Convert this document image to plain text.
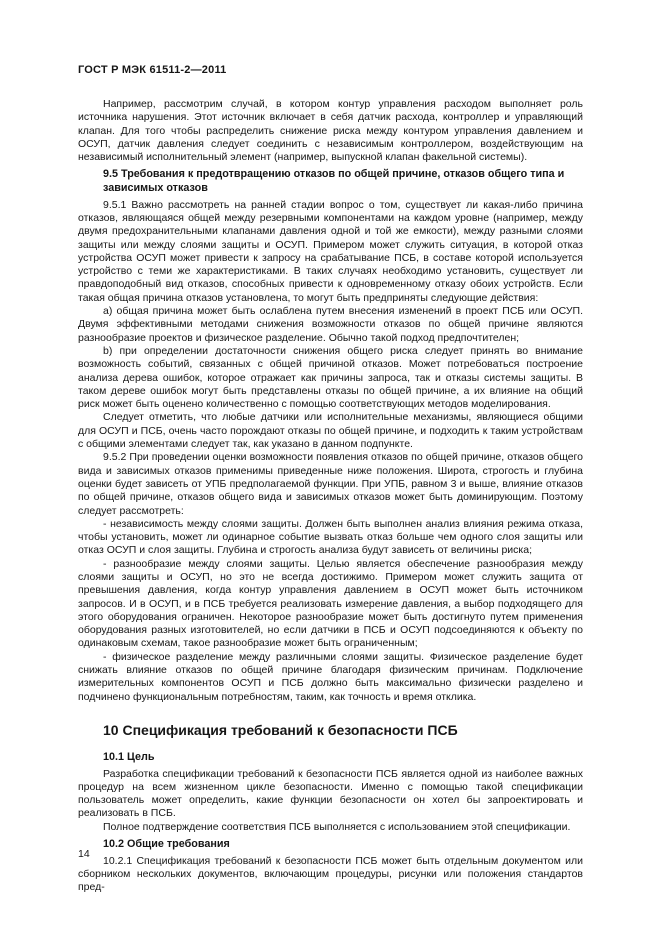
ГОСТ Р МЭК 61511-2—2011
Например, рассмотрим случай, в котором контур управления расходом выполняет роль источника нарушения. Этот источник включает в себя датчик расхода, контроллер и управляющий клапан. Для того чтобы распределить снижение риска между контуром управления давлением и ОСУП, датчик давления следует соединить с независимым контроллером, воздействующим на независимый исполнительный элемент (например, выпускной клапан факельной системы).
9.5 Требования к предотвращению отказов по общей причине, отказов общего типа и зависимых отказов
9.5.1 Важно рассмотреть на ранней стадии вопрос о том, существует ли какая-либо причина отказов, являющаяся общей между резервными компонентами на каждом уровне (например, между двумя предохранительными клапанами давления одной и той же емкости), между разными слоями защиты или между слоями защиты и ОСУП. Примером может служить ситуация, в которой отказ устройства ОСУП может привести к запросу на срабатывание ПСБ, в составе которой используется устройство с теми же характеристиками. В таких случаях необходимо установить, существует ли правдоподобный вид отказов, способных привести к одновременному отказу обоих устройств. Если такая общая причина отказов установлена, то могут быть предприняты следующие действия:
a) общая причина может быть ослаблена путем внесения изменений в проект ПСБ или ОСУП. Двумя эффективными методами снижения возможности отказов по общей причине являются разнообразие проектов и физическое разделение. Обычно такой подход предпочтителен;
b) при определении достаточности снижения общего риска следует принять во внимание возможность событий, связанных с общей причиной отказов. Может потребоваться построение анализа дерева ошибок, которое отражает как причины запроса, так и отказы системы защиты. В таком дереве ошибок могут быть представлены отказы по общей причине, а их влияние на общий риск может быть оценено количественно с помощью соответствующих методов моделирования.
Следует отметить, что любые датчики или исполнительные механизмы, являющиеся общими для ОСУП и ПСБ, очень часто порождают отказы по общей причине, и подходить к таким устройствам с общими элементами следует так, как указано в данном подпункте.
9.5.2 При проведении оценки возможности появления отказов по общей причине, отказов общего вида и зависимых отказов применимы приведенные ниже положения. Широта, строгость и глубина оценки будет зависеть от УПБ предполагаемой функции. При УПБ, равном 3 и выше, влияние отказов по общей причине, отказов общего вида и зависимых отказов может быть доминирующим. Поэтому следует рассмотреть:
- независимость между слоями защиты. Должен быть выполнен анализ влияния режима отказа, чтобы установить, может ли одинарное событие вызвать отказ больше чем одного слоя защиты или отказ ОСУП и слоя защиты. Глубина и строгость анализа будут зависеть от величины риска;
- разнообразие между слоями защиты. Целью является обеспечение разнообразия между слоями защиты и ОСУП, но это не всегда достижимо. Примером может служить защита от превышения давления, когда контур управления давлением в ОСУП может быть источником запросов. И в ОСУП, и в ПСБ требуется реализовать измерение давления, а выбор подходящего для этого оборудования ограничен. Некоторое разнообразие может быть достигнуто путем применения оборудования разных изготовителей, но если датчики в ПСБ и ОСУП подсоединяются к объекту по одинаковым схемам, такое разнообразие может быть ограниченным;
- физическое разделение между различными слоями защиты. Физическое разделение будет снижать влияние отказов по общей причине благодаря физическим причинам. Подключение измерительных компонентов ОСУП и ПСБ должно быть максимально физически разделено и подчинено функциональным потребностям, таким, как точность и время отклика.
10 Спецификация требований к безопасности ПСБ
10.1 Цель
Разработка спецификации требований к безопасности ПСБ является одной из наиболее важных процедур на всем жизненном цикле безопасности. Именно с помощью такой спецификации пользователь может определить, какие функции безопасности он хотел бы запроектировать и реализовать в ПСБ.
Полное подтверждение соответствия ПСБ выполняется с использованием этой спецификации.
10.2 Общие требования
10.2.1 Спецификация требований к безопасности ПСБ может быть отдельным документом или сборником нескольких документов, включающим процедуры, рисунки или положения стандартов пред-
14
